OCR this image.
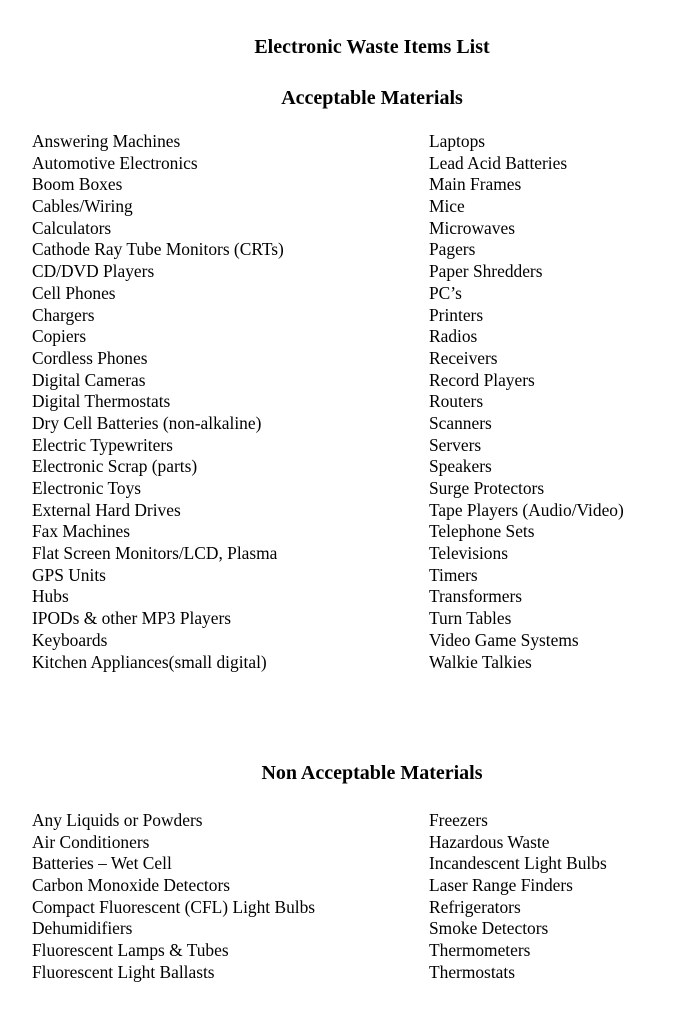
Electronic Waste Items List
Acceptable Materials
Answering Machines
Automotive Electronics
Boom Boxes
Cables/Wiring
Calculators
Cathode Ray Tube Monitors (CRTs)
CD/DVD Players
Cell Phones
Chargers
Copiers
Cordless Phones
Digital Cameras
Digital Thermostats
Dry Cell Batteries (non-alkaline)
Electric Typewriters
Electronic Scrap (parts)
Electronic Toys
External Hard Drives
Fax Machines
Flat Screen Monitors/LCD, Plasma
GPS Units
Hubs
IPODs & other MP3 Players
Keyboards
Kitchen Appliances(small digital)
Laptops
Lead Acid Batteries
Main Frames
Mice
Microwaves
Pagers
Paper Shredders
PC’s
Printers
Radios
Receivers
Record Players
Routers
Scanners
Servers
Speakers
Surge Protectors
Tape Players (Audio/Video)
Telephone Sets
Televisions
Timers
Transformers
Turn Tables
Video Game Systems
Walkie Talkies
Non Acceptable Materials
Any Liquids or Powders
Air Conditioners
Batteries – Wet Cell
Carbon Monoxide Detectors
Compact Fluorescent (CFL) Light Bulbs
Dehumidifiers
Fluorescent Lamps & Tubes
Fluorescent Light Ballasts
Freezers
Hazardous Waste
Incandescent Light Bulbs
Laser Range Finders
Refrigerators
Smoke Detectors
Thermometers
Thermostats
